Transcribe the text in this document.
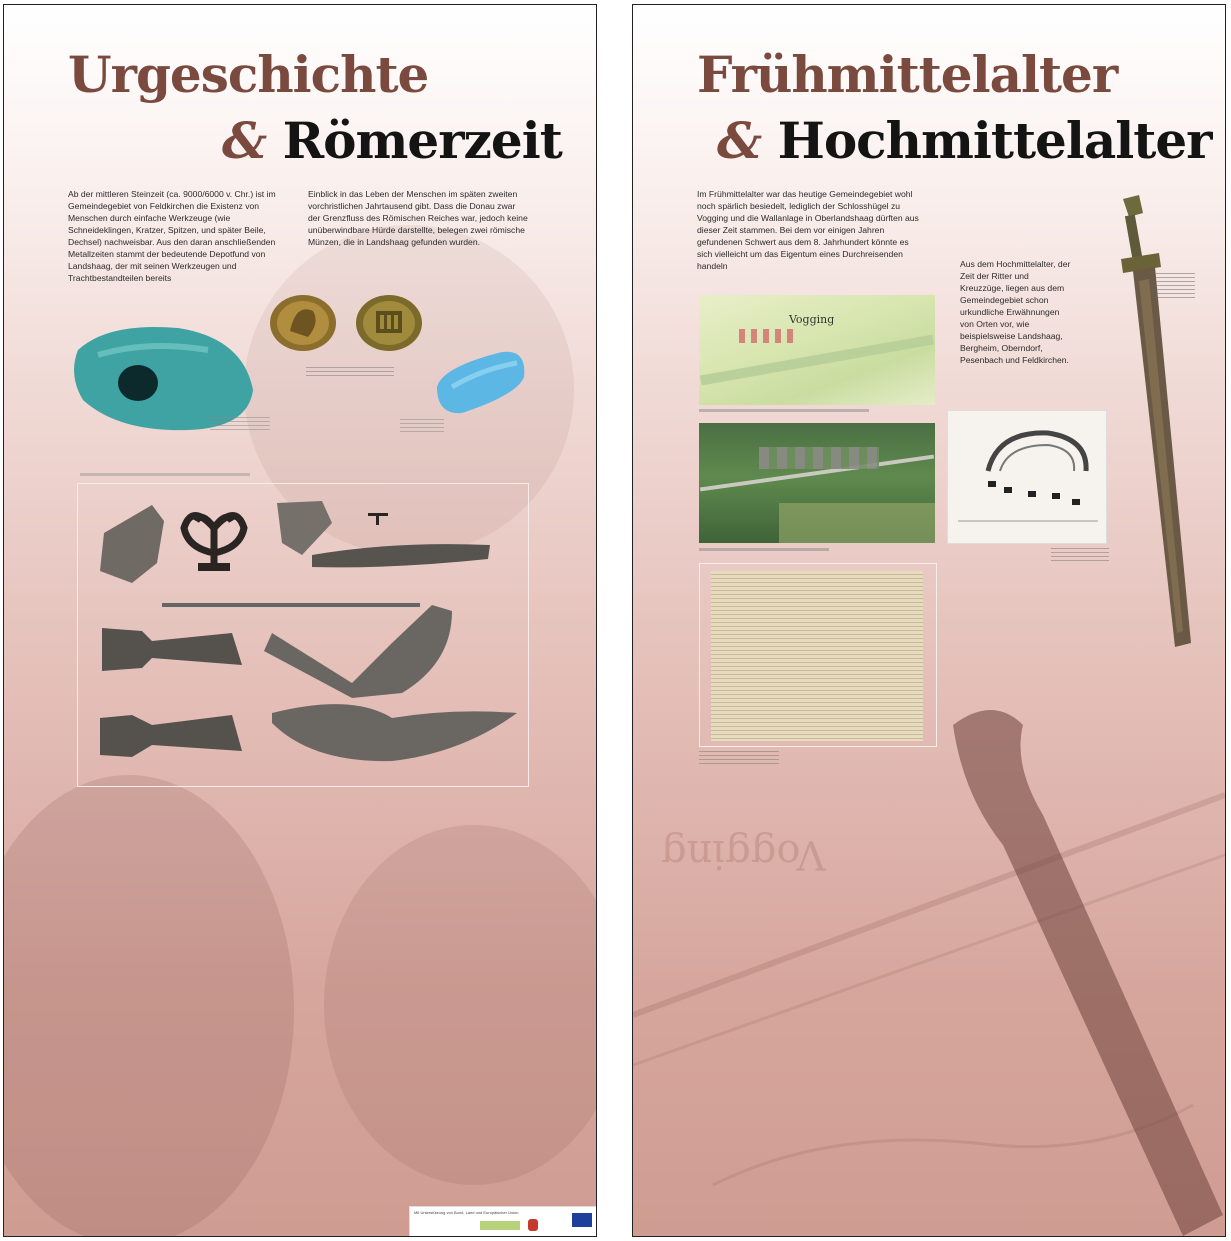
Urgeschichte
& Römerzeit
Ab der mittleren Steinzeit (ca. 9000/6000 v. Chr.) ist im Gemeindegebiet von Feldkirchen die Existenz von Menschen durch einfache Werkzeuge (wie Schneideklingen, Kratzer, Spitzen, und später Beile, Dechsel) nachweisbar. Aus den daran anschließenden Metallzeiten stammt der bedeutende Depotfund von Landshaag, der mit seinen Werkzeugen und Trachtbestandteilen bereits
Einblick in das Leben der Menschen im späten zweiten vorchristlichen Jahrtausend gibt. Dass die Donau zwar der Grenzfluss des Römischen Reiches war, jedoch keine unüberwindbare Hürde darstellte, belegen zwei römische Münzen, die in Landshaag gefunden wurden.
Mit Unterstützung von Bund, Land und Europäischer Union
Vogging
Frühmittelalter
& Hochmittelalter
Im Frühmittelalter war das heutige Gemeindegebiet wohl noch spärlich besiedelt, lediglich der Schlosshügel zu Vogging und die Wallanlage in Oberlandshaag dürften aus dieser Zeit stammen. Bei dem vor einigen Jahren gefundenen Schwert aus dem 8. Jahrhundert könnte es sich vielleicht um das Eigentum eines Durchreisenden handeln	Aus dem Hochmittelalter, der Zeit der Ritter und Kreuzzüge, liegen aus dem Gemeindegebiet schon urkundliche Erwähnungen von Orten vor, wie beispielsweise Landshaag, Bergheim, Oberndorf, Pesenbach und Feldkirchen.
Vogging
